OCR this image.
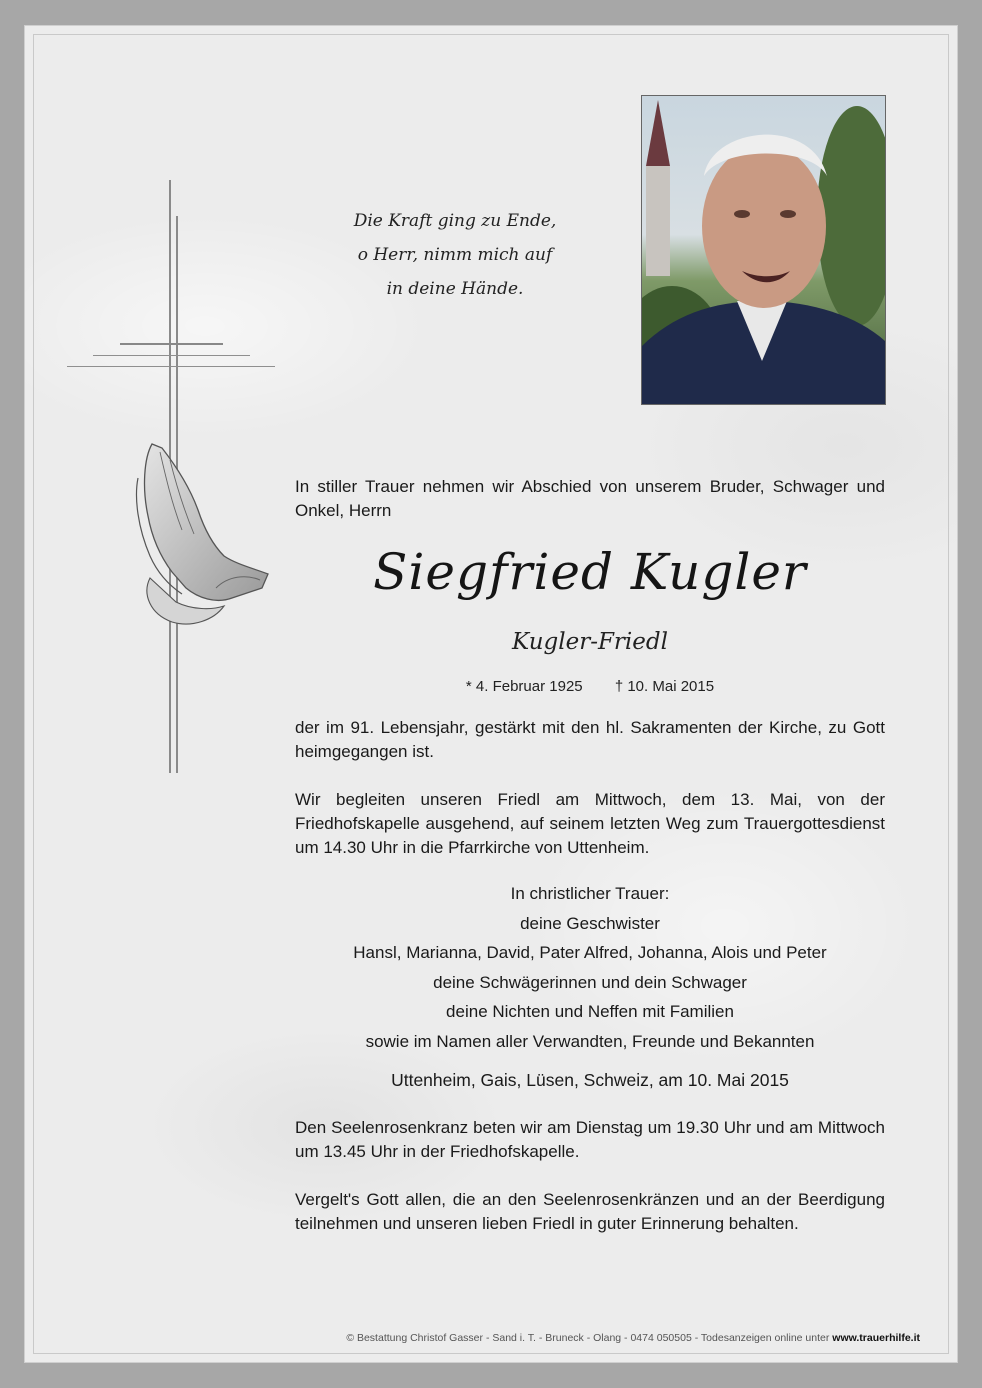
Die Kraft ging zu Ende,
o Herr, nimm mich auf
in deine Hände.
In stiller Trauer nehmen wir Abschied von unserem Bruder, Schwager und Onkel, Herrn
Siegfried Kugler
Kugler-Friedl
* 4. Februar 1925 † 10. Mai 2015
der im 91. Lebensjahr, gestärkt mit den hl. Sakramenten der Kirche, zu Gott heimgegangen ist.
Wir begleiten unseren Friedl am Mittwoch, dem 13. Mai, von der Friedhofskapelle ausgehend, auf seinem letzten Weg zum Trauergottesdienst um 14.30 Uhr in die Pfarrkirche von Uttenheim.
In christlicher Trauer:
deine Geschwister
Hansl, Marianna, David, Pater Alfred, Johanna, Alois und Peter
deine Schwägerinnen und dein Schwager
deine Nichten und Neffen mit Familien
sowie im Namen aller Verwandten, Freunde und Bekannten
Uttenheim, Gais, Lüsen, Schweiz, am 10. Mai 2015
Den Seelenrosenkranz beten wir am Dienstag um 19.30 Uhr und am Mittwoch um 13.45 Uhr in der Friedhofskapelle.
Vergelt's Gott allen, die an den Seelenrosenkränzen und an der Beerdigung teilnehmen und unseren lieben Friedl in guter Erinnerung behalten.
© Bestattung Christof Gasser - Sand i. T. - Bruneck - Olang - 0474 050505 - Todesanzeigen online unter www.trauerhilfe.it
